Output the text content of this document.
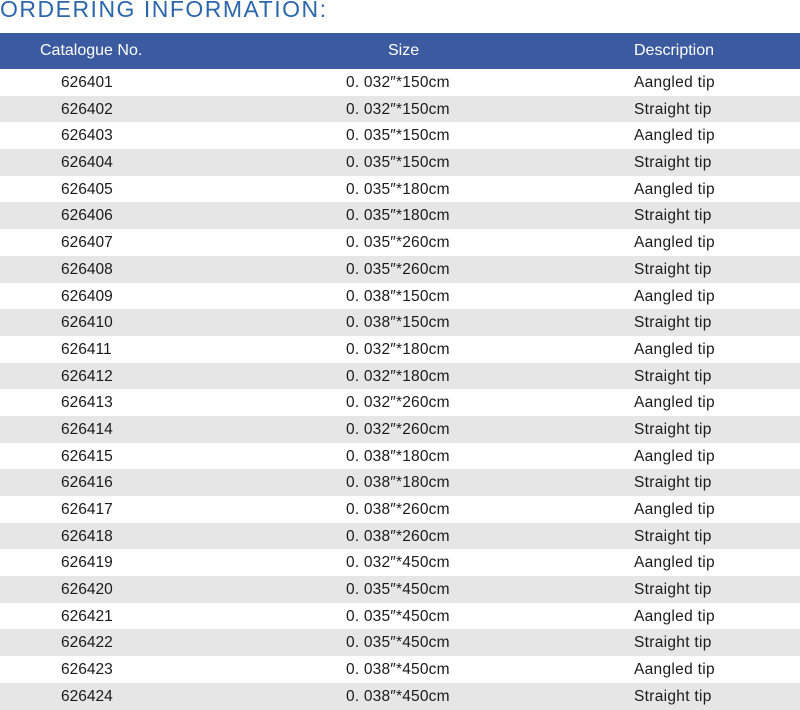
ORDERING INFORMATION:
Catalogue No.	Size	Description
626401	0. 032″*150cm	Aangled tip
626402	0. 032″*150cm	Straight tip
626403	0. 035″*150cm	Aangled tip
626404	0. 035″*150cm	Straight tip
626405	0. 035″*180cm	Aangled tip
626406	0. 035″*180cm	Straight tip
626407	0. 035″*260cm	Aangled tip
626408	0. 035″*260cm	Straight tip
626409	0. 038″*150cm	Aangled tip
626410	0. 038″*150cm	Straight tip
626411	0. 032″*180cm	Aangled tip
626412	0. 032″*180cm	Straight tip
626413	0. 032″*260cm	Aangled tip
626414	0. 032″*260cm	Straight tip
626415	0. 038″*180cm	Aangled tip
626416	0. 038″*180cm	Straight tip
626417	0. 038″*260cm	Aangled tip
626418	0. 038″*260cm	Straight tip
626419	0. 032″*450cm	Aangled tip
626420	0. 035″*450cm	Straight tip
626421	0. 035″*450cm	Aangled tip
626422	0. 035″*450cm	Straight tip
626423	0. 038″*450cm	Aangled tip
626424	0. 038″*450cm	Straight tip
